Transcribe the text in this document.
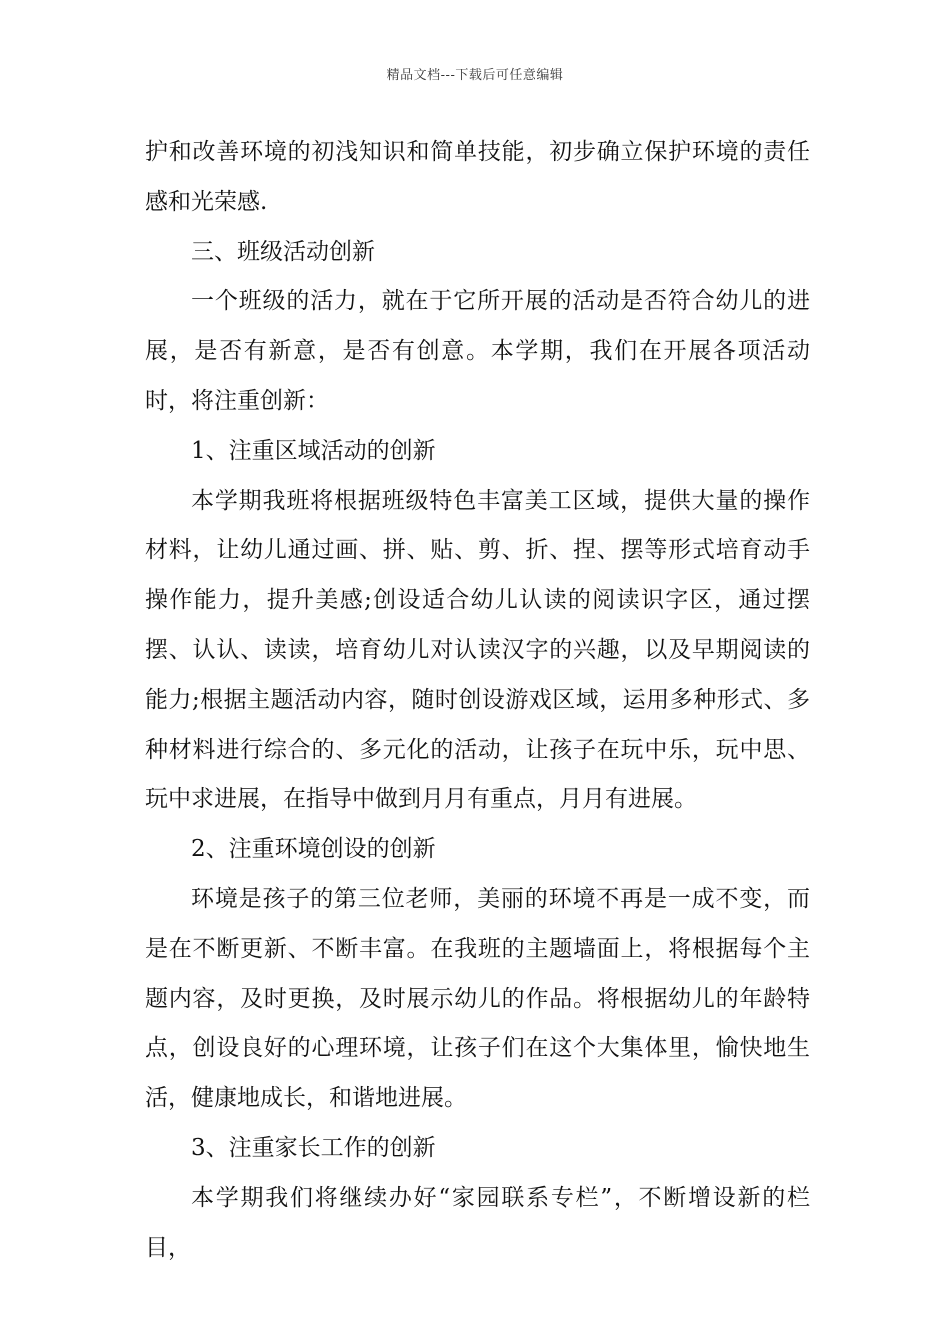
精品文档---下载后可任意编辑

护和改善环境的初浅知识和简单技能，初步确立保护环境的责任感和光荣感.

三、班级活动创新

一个班级的活力，就在于它所开展的活动是否符合幼儿的进展，是否有新意，是否有创意。本学期，我们在开展各项活动时，将注重创新：

1、注重区域活动的创新

本学期我班将根据班级特色丰富美工区域，提供大量的操作材料，让幼儿通过画、拼、贴、剪、折、捏、摆等形式培育动手操作能力，提升美感;创设适合幼儿认读的阅读识字区，通过摆摆、认认、读读，培育幼儿对认读汉字的兴趣，以及早期阅读的能力;根据主题活动内容，随时创设游戏区域，运用多种形式、多种材料进行综合的、多元化的活动，让孩子在玩中乐，玩中思、玩中求进展，在指导中做到月月有重点，月月有进展。

2、注重环境创设的创新

环境是孩子的第三位老师，美丽的环境不再是一成不变，而是在不断更新、不断丰富。在我班的主题墙面上，将根据每个主题内容，及时更换，及时展示幼儿的作品。将根据幼儿的年龄特点，创设良好的心理环境，让孩子们在这个大集体里，愉快地生活，健康地成长，和谐地进展。

3、注重家长工作的创新

本学期我们将继续办好“家园联系专栏”，不断增设新的栏目，
